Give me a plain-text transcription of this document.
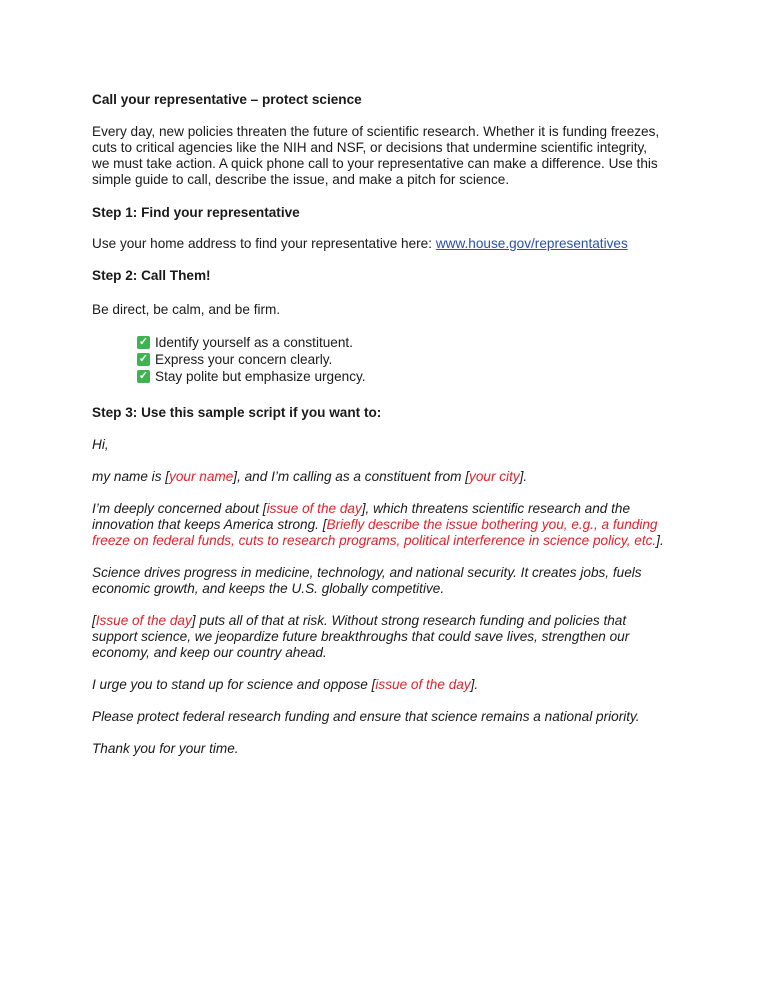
Call your representative – protect science
Every day, new policies threaten the future of scientific research. Whether it is funding freezes,
cuts to critical agencies like the NIH and NSF, or decisions that undermine scientific integrity,
we must take action. A quick phone call to your representative can make a difference. Use this
simple guide to call, describe the issue, and make a pitch for science.
Step 1: Find your representative
Use your home address to find your representative here: www.house.gov/representatives
Step 2: Call Them!
Be direct, be calm, and be firm.
✓ Identify yourself as a constituent.
✓ Express your concern clearly.
✓ Stay polite but emphasize urgency.
Step 3: Use this sample script if you want to:
Hi,
my name is [your name], and I’m calling as a constituent from [your city].
I’m deeply concerned about [issue of the day], which threatens scientific research and the
innovation that keeps America strong. [Briefly describe the issue bothering you, e.g., a funding
freeze on federal funds, cuts to research programs, political interference in science policy, etc.].
Science drives progress in medicine, technology, and national security. It creates jobs, fuels
economic growth, and keeps the U.S. globally competitive.
[Issue of the day] puts all of that at risk. Without strong research funding and policies that
support science, we jeopardize future breakthroughs that could save lives, strengthen our
economy, and keep our country ahead.
I urge you to stand up for science and oppose [issue of the day].
Please protect federal research funding and ensure that science remains a national priority.
Thank you for your time.
